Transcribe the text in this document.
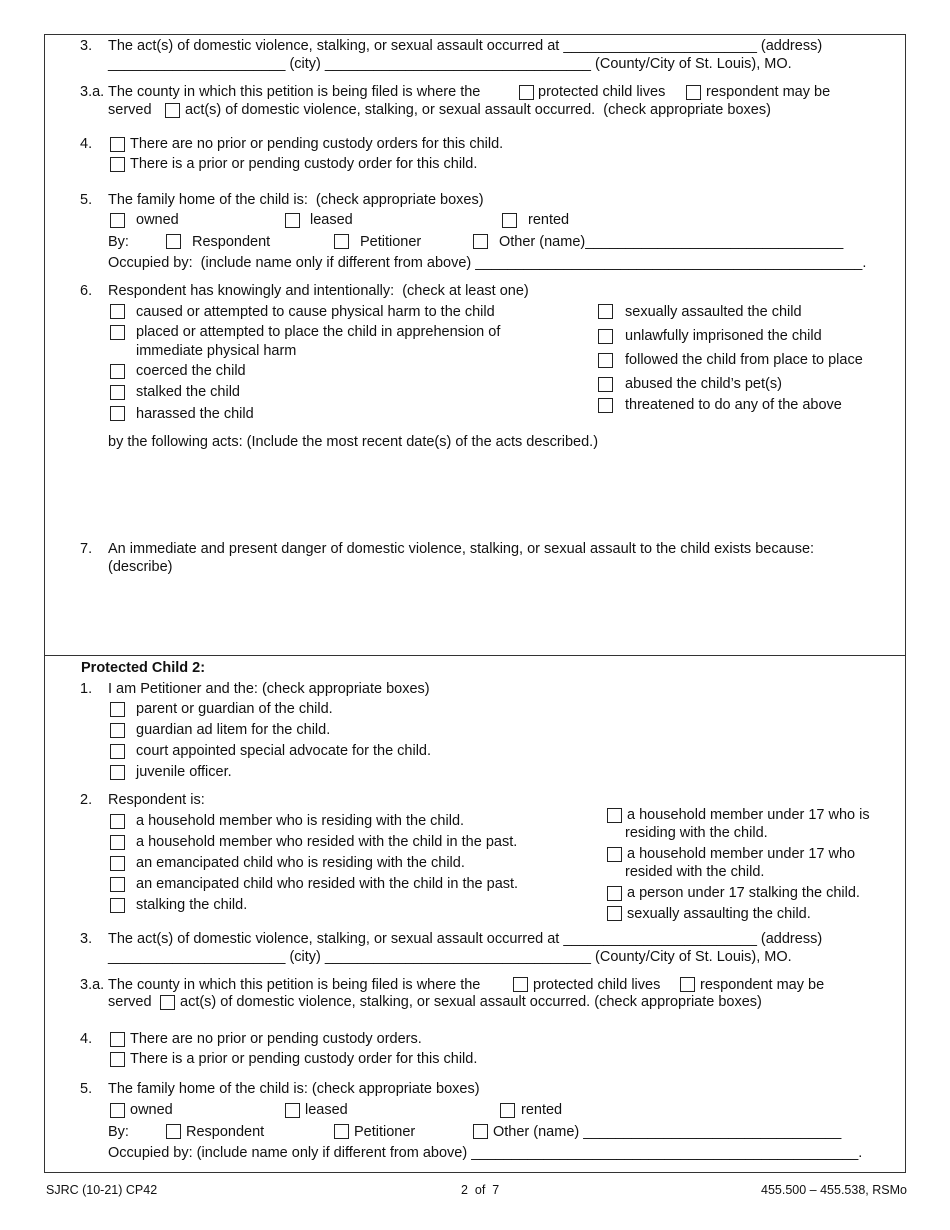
3. The act(s) of domestic violence, stalking, or sexual assault occurred at ________________________ (address)
______________________ (city) _________________________________ (County/City of St. Louis), MO.
3.a. The county in which this petition is being filed is where the	protected child lives	respondent may be
served act(s) of domestic violence, stalking, or sexual assault occurred.  (check appropriate boxes)
4.	There are no prior or pending custody orders for this child.
There is a prior or pending custody order for this child.
5. The family home of the child is:  (check appropriate boxes)
owned	leased	rented
By:	Respondent	Petitioner	Other (name)________________________________
Occupied by:  (include name only if different from above) ________________________________________________.
6. Respondent has knowingly and intentionally:  (check at least one)
caused or attempted to cause physical harm to the child
placed or attempted to place the child in apprehension of
immediate physical harm
coerced the child
stalked the child
harassed the child
sexually assaulted the child
unlawfully imprisoned the child
followed the child from place to place
abused the child’s pet(s)
threatened to do any of the above
by the following acts: (Include the most recent date(s) of the acts described.)
7. An immediate and present danger of domestic violence, stalking, or sexual assault to the child exists because:
(describe)
Protected Child 2:
1. I am Petitioner and the: (check appropriate boxes)
parent or guardian of the child.
guardian ad litem for the child.
court appointed special advocate for the child.
juvenile officer.
2. Respondent is:
a household member who is residing with the child.
a household member who resided with the child in the past.
an emancipated child who is residing with the child.
an emancipated child who resided with the child in the past.
stalking the child.
a household member under 17 who is
residing with the child.
a household member under 17 who
resided with the child.
a person under 17 stalking the child.
sexually assaulting the child.
3. The act(s) of domestic violence, stalking, or sexual assault occurred at ________________________ (address)
______________________ (city) _________________________________ (County/City of St. Louis), MO.
3.a. The county in which this petition is being filed is where the	protected child lives	respondent may be
served act(s) of domestic violence, stalking, or sexual assault occurred. (check appropriate boxes)
4.	There are no prior or pending custody orders.
There is a prior or pending custody order for this child.
5. The family home of the child is: (check appropriate boxes)
owned	leased	rented
By:	Respondent	Petitioner	Other (name) ________________________________
Occupied by: (include name only if different from above) ________________________________________________.
SJRC (10-21) CP42	2  of  7	455.500 – 455.538, RSMo
